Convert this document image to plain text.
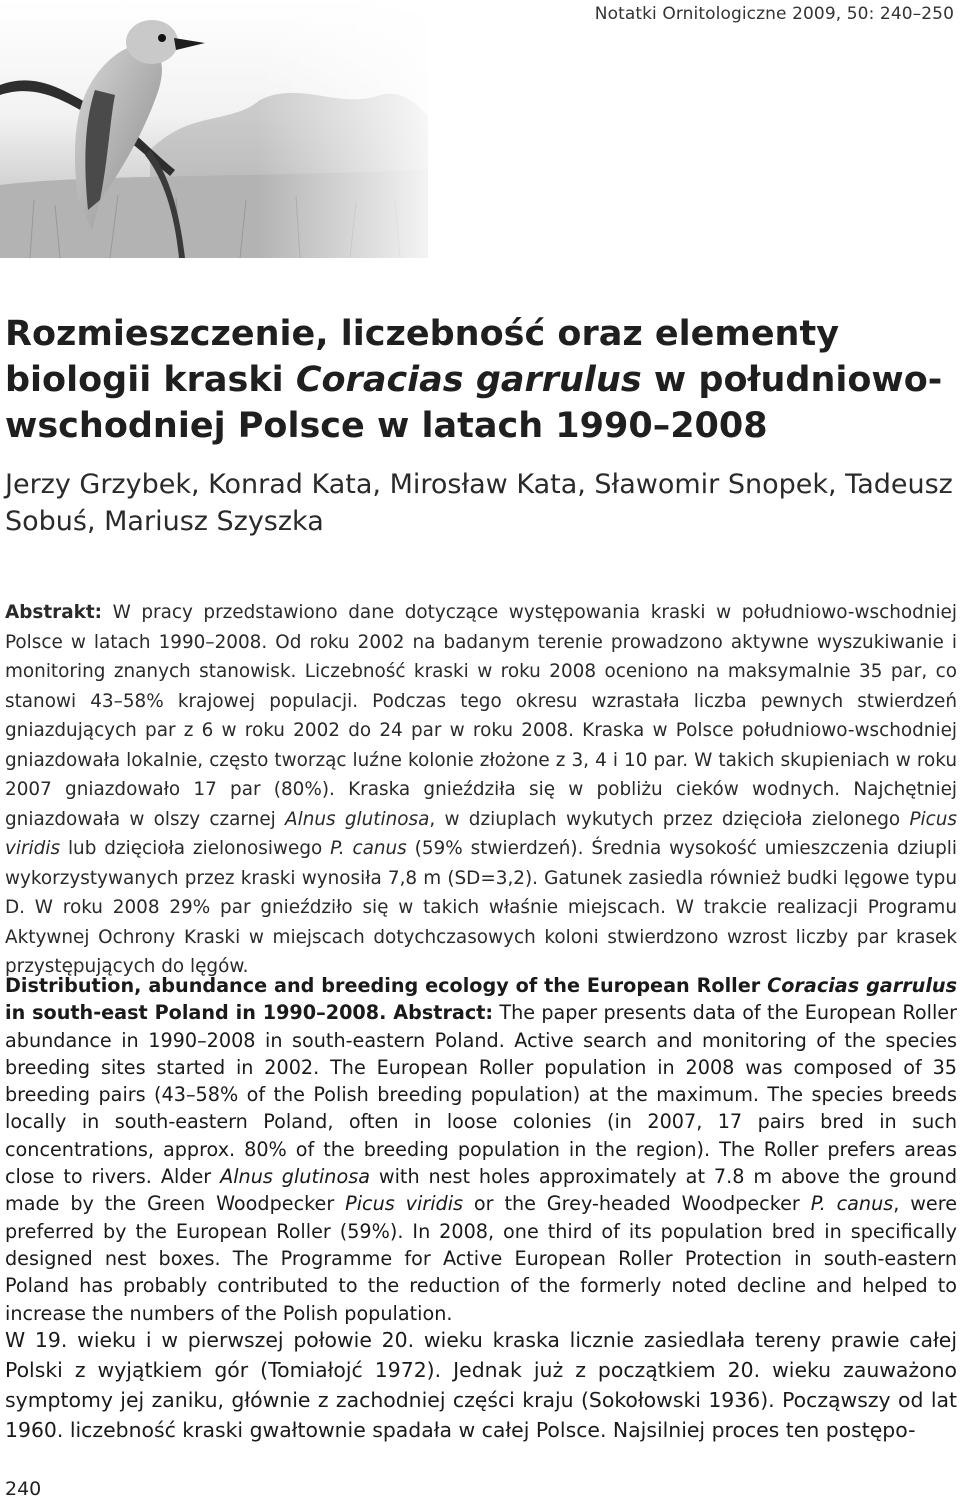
Notatki Ornitologiczne 2009, 50: 240–250
Rozmieszczenie, liczebność oraz elementy biologii kraski Coracias garrulus w południowo-wschodniej Polsce w latach 1990–2008
Jerzy Grzybek, Konrad Kata, Mirosław Kata, Sławomir Snopek, Tadeusz Sobuś, Mariusz Szyszka

Abstrakt: W pracy przedstawiono dane dotyczące występowania kraski w południowo-wschodniej Polsce w latach 1990–2008. Od roku 2002 na badanym terenie prowadzono aktywne wyszukiwanie i monitoring znanych stanowisk. Liczebność kraski w roku 2008 oceniono na maksymalnie 35 par, co stanowi 43–58% krajowej populacji. Podczas tego okresu wzrastała liczba pewnych stwierdzeń gniazdujących par z 6 w roku 2002 do 24 par w roku 2008. Kraska w Polsce południowo-wschodniej gniazdowała lokalnie, często tworząc luźne kolonie złożone z 3, 4 i 10 par. W takich skupieniach w roku 2007 gniazdowało 17 par (80%). Kraska gnieździła się w pobliżu cieków wodnych. Najchętniej gniazdowała w olszy czarnej Alnus glutinosa, w dziuplach wykutych przez dzięcioła zielonego Picus viridis lub dzięcioła zielonosiwego P. canus (59% stwierdzeń). Średnia wysokość umieszczenia dziupli wykorzystywanych przez kraski wynosiła 7,8 m (SD=3,2). Gatunek zasiedla również budki lęgowe typu D. W roku 2008 29% par gnieździło się w takich właśnie miejscach. W trakcie realizacji Programu Aktywnej Ochrony Kraski w miejscach dotychczasowych koloni stwierdzono wzrost liczby par krasek przystępujących do lęgów.

Distribution, abundance and breeding ecology of the European Roller Coracias garrulus in south-east Poland in 1990–2008. Abstract: The paper presents data of the European Roller abundance in 1990–2008 in south-eastern Poland. Active search and monitoring of the species breeding sites started in 2002. The European Roller population in 2008 was composed of 35 breeding pairs (43–58% of the Polish breeding population) at the maximum. The species breeds locally in south-eastern Poland, often in loose colonies (in 2007, 17 pairs bred in such concentrations, approx. 80% of the breeding population in the region). The Roller prefers areas close to rivers. Alder Alnus glutinosa with nest holes approximately at 7.8 m above the ground made by the Green Woodpecker Picus viridis or the Grey-headed Woodpecker P. canus, were preferred by the European Roller (59%). In 2008, one third of its population bred in specifically designed nest boxes. The Programme for Active European Roller Protection in south-eastern Poland has probably contributed to the reduction of the formerly noted decline and helped to increase the numbers of the Polish population.

W 19. wieku i w pierwszej połowie 20. wieku kraska licznie zasiedlała tereny prawie całej Polski z wyjątkiem gór (Tomiałojć 1972). Jednak już z początkiem 20. wieku zauważono symptomy jej zaniku, głównie z zachodniej części kraju (Sokołowski 1936). Począwszy od lat 1960. liczebność kraski gwałtownie spadała w całej Polsce. Najsilniej proces ten postępo-

240
